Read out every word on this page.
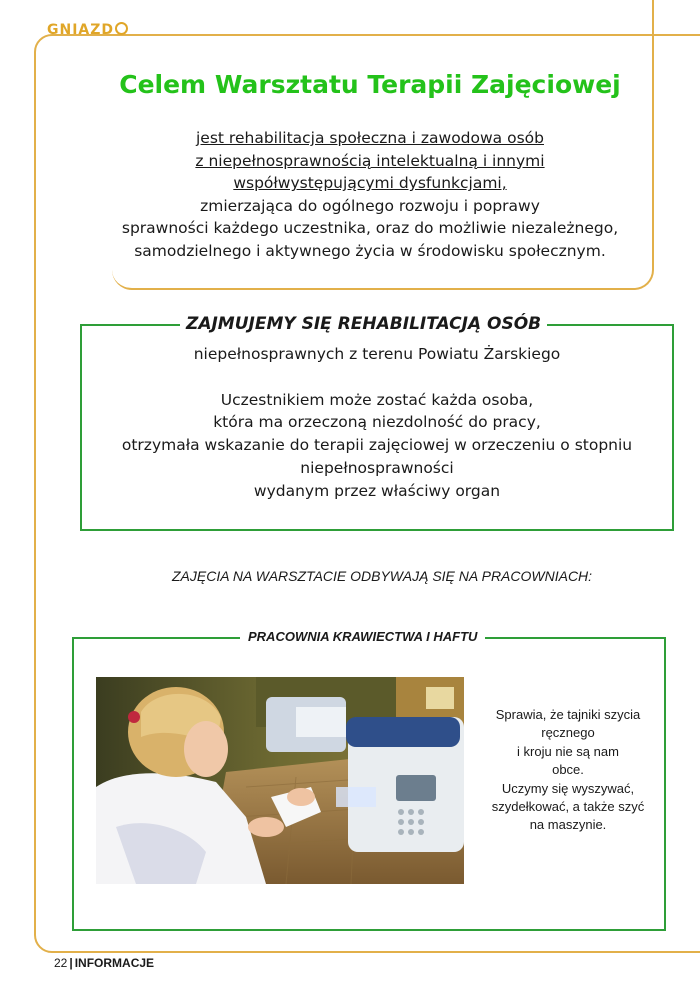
GNIAZD
Celem Warsztatu Terapii Zajęciowej
jest rehabilitacja społeczna i zawodowa osób
z niepełnosprawnością intelektualną i innymi
współwystępującymi dysfunkcjami,
zmierzająca do ogólnego rozwoju i poprawy
sprawności każdego uczestnika, oraz do możliwie niezależnego,
samodzielnego i aktywnego życia w środowisku społecznym.
ZAJMUJEMY SIĘ REHABILITACJĄ OSÓB
niepełnosprawnych z terenu Powiatu Żarskiego
Uczestnikiem może zostać każda osoba,
która ma orzeczoną niezdolność do pracy,
otrzymała wskazanie do terapii zajęciowej w orzeczeniu o stopniu
niepełnosprawności
wydanym przez właściwy organ
ZAJĘCIA NA WARSZTACIE ODBYWAJĄ SIĘ NA PRACOWNIACH:
PRACOWNIA KRAWIECTWA I HAFTU
Sprawia, że tajniki szycia
ręcznego
i kroju nie są nam
obce.
Uczymy się wyszywać,
szydełkować, a także szyć
na maszynie.
22 | INFORMACJE
